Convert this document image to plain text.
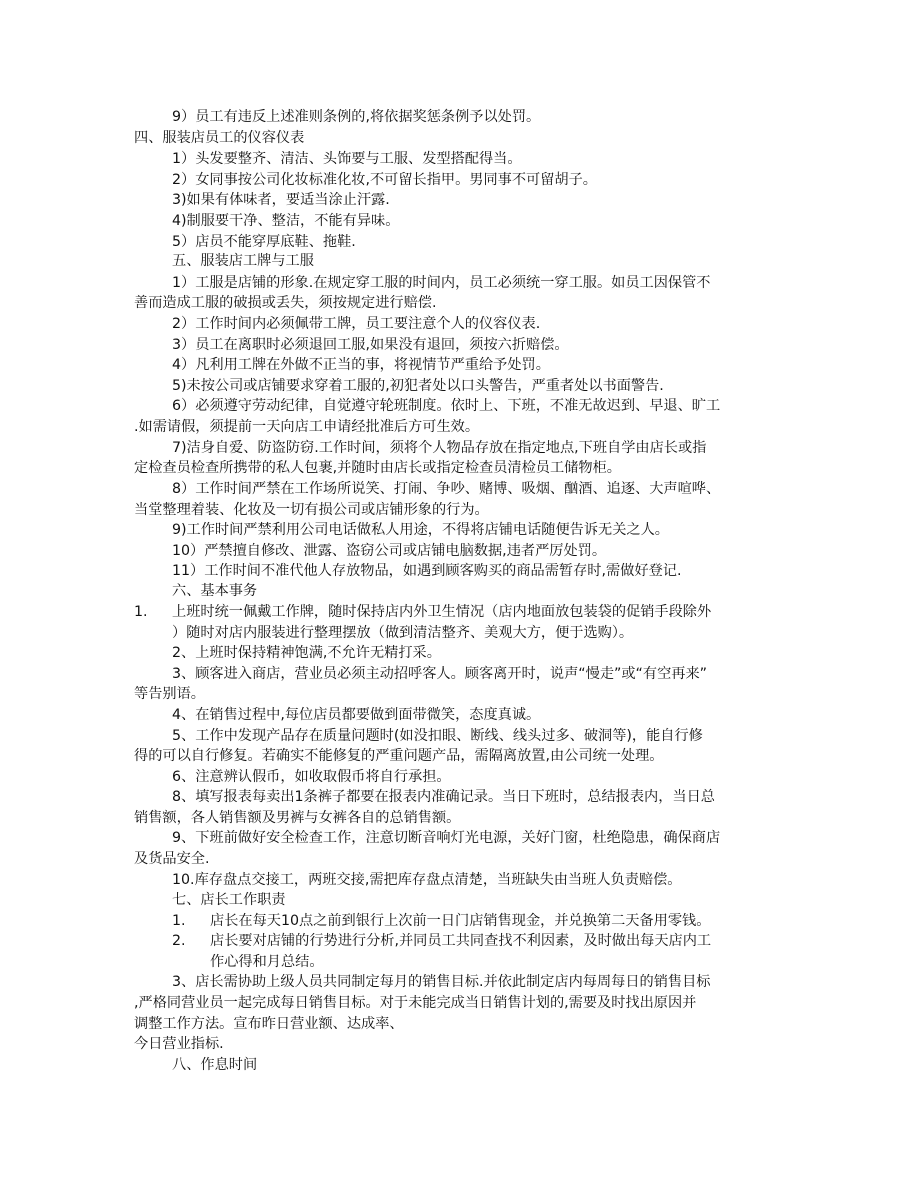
9）员工有违反上述准则条例的,将依据奖惩条例予以处罚。
四、服装店员工的仪容仪表
1）头发要整齐、清洁、头饰要与工服、发型搭配得当。
2）女同事按公司化妆标准化妆,不可留长指甲。男同事不可留胡子。
3)如果有体味者，要适当涂止汗露.
4)制服要干净、整洁，不能有异味。
5）店员不能穿厚底鞋、拖鞋.
五、服装店工牌与工服
1）工服是店铺的形象.在规定穿工服的时间内，员工必须统一穿工服。如员工因保管不
善而造成工服的破损或丢失，须按规定进行赔偿.
2）工作时间内必须佩带工牌，员工要注意个人的仪容仪表.
3）员工在离职时必须退回工服,如果没有退回，须按六折赔偿。
4）凡利用工牌在外做不正当的事，将视情节严重给予处罚。
5)未按公司或店铺要求穿着工服的,初犯者处以口头警告，严重者处以书面警告.
6）必须遵守劳动纪律，自觉遵守轮班制度。依时上、下班，不准无故迟到、早退、旷工
.如需请假，须提前一天向店工申请经批准后方可生效。
7)洁身自爱、防盗防窃.工作时间，须将个人物品存放在指定地点,下班自学由店长或指
定检查员检查所携带的私人包裹,并随时由店长或指定检查员清检员工储物柜。
8）工作时间严禁在工作场所说笑、打闹、争吵、赌博、吸烟、酗酒、追逐、大声喧哗、
当堂整理着装、化妆及一切有损公司或店铺形象的行为。
9)工作时间严禁利用公司电话做私人用途，不得将店铺电话随便告诉无关之人。
10）严禁擅自修改、泄露、盗窃公司或店铺电脑数据,违者严厉处罚。
11）工作时间不准代他人存放物品，如遇到顾客购买的商品需暂存时,需做好登记.
六、基本事务
1. 上班时统一佩戴工作牌，随时保持店内外卫生情况（店内地面放包装袋的促销手段除外
）随时对店内服装进行整理摆放（做到清洁整齐、美观大方，便于选购）。
2、上班时保持精神饱满,不允许无精打采。
3、顾客进入商店，营业员必须主动招呼客人。顾客离开时，说声“慢走”或“有空再来”
等告别语。
4、在销售过程中,每位店员都要做到面带微笑，态度真诚。
5、工作中发现产品存在质量问题时(如没扣眼、断线、线头过多、破洞等)，能自行修
得的可以自行修复。若确实不能修复的严重问题产品，需隔离放置,由公司统一处理。
6、注意辨认假币，如收取假币将自行承担。
8、填写报表每卖出1条裤子都要在报表内准确记录。当日下班时，总结报表内，当日总
销售额，各人销售额及男裤与女裤各自的总销售额。
9、下班前做好安全检查工作，注意切断音响灯光电源，关好门窗，杜绝隐患，确保商店
及货品安全.
10.库存盘点交接工，两班交接,需把库存盘点清楚，当班缺失由当班人负责赔偿。
七、店长工作职责
1. 店长在每天10点之前到银行上次前一日门店销售现金，并兑换第二天备用零钱。
2. 店长要对店铺的行势进行分析,并同员工共同查找不利因素，及时做出每天店内工
作心得和月总结。
3、店长需协助上级人员共同制定每月的销售目标.并依此制定店内每周每日的销售目标
,严格同营业员一起完成每日销售目标。对于未能完成当日销售计划的,需要及时找出原因并
调整工作方法。宣布昨日营业额、达成率、
今日营业指标.
八、作息时间
